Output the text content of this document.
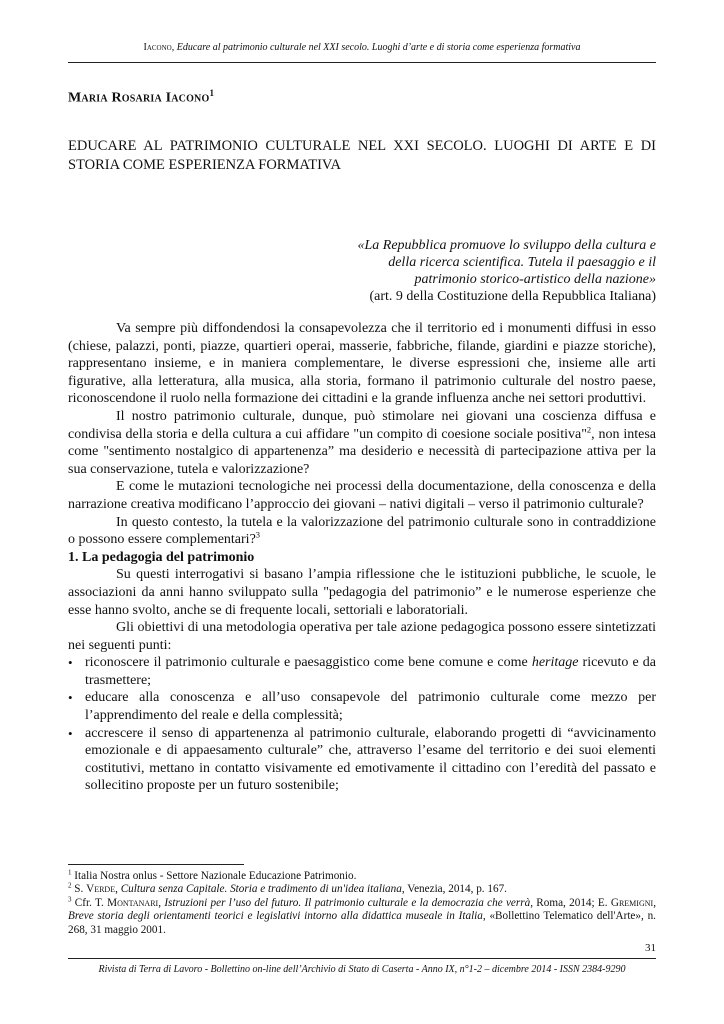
Iacono, Educare al patrimonio culturale nel XXI secolo. Luoghi d’arte e di storia come esperienza formativa
Maria Rosaria Iacono$^1$
EDUCARE AL PATRIMONIO CULTURALE NEL XXI SECOLO. LUOGHI DI ARTE E DI STORIA COME ESPERIENZA FORMATIVA
«La Repubblica promuove lo sviluppo della cultura e
della ricerca scientifica. Tutela il paesaggio e il
patrimonio storico-artistico della nazione»
(art. 9 della Costituzione della Repubblica Italiana)

Va sempre più diffondendosi la consapevolezza che il territorio ed i monumenti diffusi in esso (chiese, palazzi, ponti, piazze, quartieri operai, masserie, fabbriche, filande, giardini e piazze storiche), rappresentano insieme, e in maniera complementare, le diverse espressioni che, insieme alle arti figurative, alla letteratura, alla musica, alla storia, formano il patrimonio culturale del nostro paese, riconoscendone il ruolo nella formazione dei cittadini e la grande influenza anche nei settori produttivi.

Il nostro patrimonio culturale, dunque, può stimolare nei giovani una coscienza diffusa e condivisa della storia e della cultura a cui affidare "un compito di coesione sociale positiva"$^2$, non intesa come "sentimento nostalgico di appartenenza” ma desiderio e necessità di partecipazione attiva per la sua conservazione, tutela e valorizzazione?

E come le mutazioni tecnologiche nei processi della documentazione, della conoscenza e della narrazione creativa modificano l’approccio dei giovani – nativi digitali – verso il patrimonio culturale?

In questo contesto, la tutela e la valorizzazione del patrimonio culturale sono in contraddizione o possono essere complementari?$^3$

1. La pedagogia del patrimonio

Su questi interrogativi si basano l’ampia riflessione che le istituzioni pubbliche, le scuole, le associazioni da anni hanno sviluppato sulla "pedagogia del patrimonio” e le numerose esperienze che esse hanno svolto, anche se di frequente locali, settoriali e laboratoriali.

Gli obiettivi di una metodologia operativa per tale azione pedagogica possono essere sintetizzati nei seguenti punti:

• riconoscere il patrimonio culturale e paesaggistico come bene comune e come heritage ricevuto e da trasmettere;
• educare alla conoscenza e all’uso consapevole del patrimonio culturale come mezzo per l’apprendimento del reale e della complessità;
• accrescere il senso di appartenenza al patrimonio culturale, elaborando progetti di “avvicinamento emozionale e di appaesamento culturale” che, attraverso l’esame del territorio e dei suoi elementi costitutivi, mettano in contatto visivamente ed emotivamente il cittadino con l’eredità del passato e sollecitino proposte per un futuro sostenibile;

$^1$ Italia Nostra onlus - Settore Nazionale Educazione Patrimonio.

$^2$ S. Verde, Cultura senza Capitale. Storia e tradimento di un'idea italiana, Venezia, 2014, p. 167.

$^3$ Cfr. T. Montanari, Istruzioni per l’uso del futuro. Il patrimonio culturale e la democrazia che verrà, Roma, 2014; E. Gremigni, Breve storia degli orientamenti teorici e legislativi intorno alla didattica museale in Italia, «Bollettino Telematico dell'Arte», n. 268, 31 maggio 2001.

31
Rivista di Terra di Lavoro - Bollettino on-line dell’Archivio di Stato di Caserta - Anno IX, n°1-2 – dicembre 2014 - ISSN 2384-9290
